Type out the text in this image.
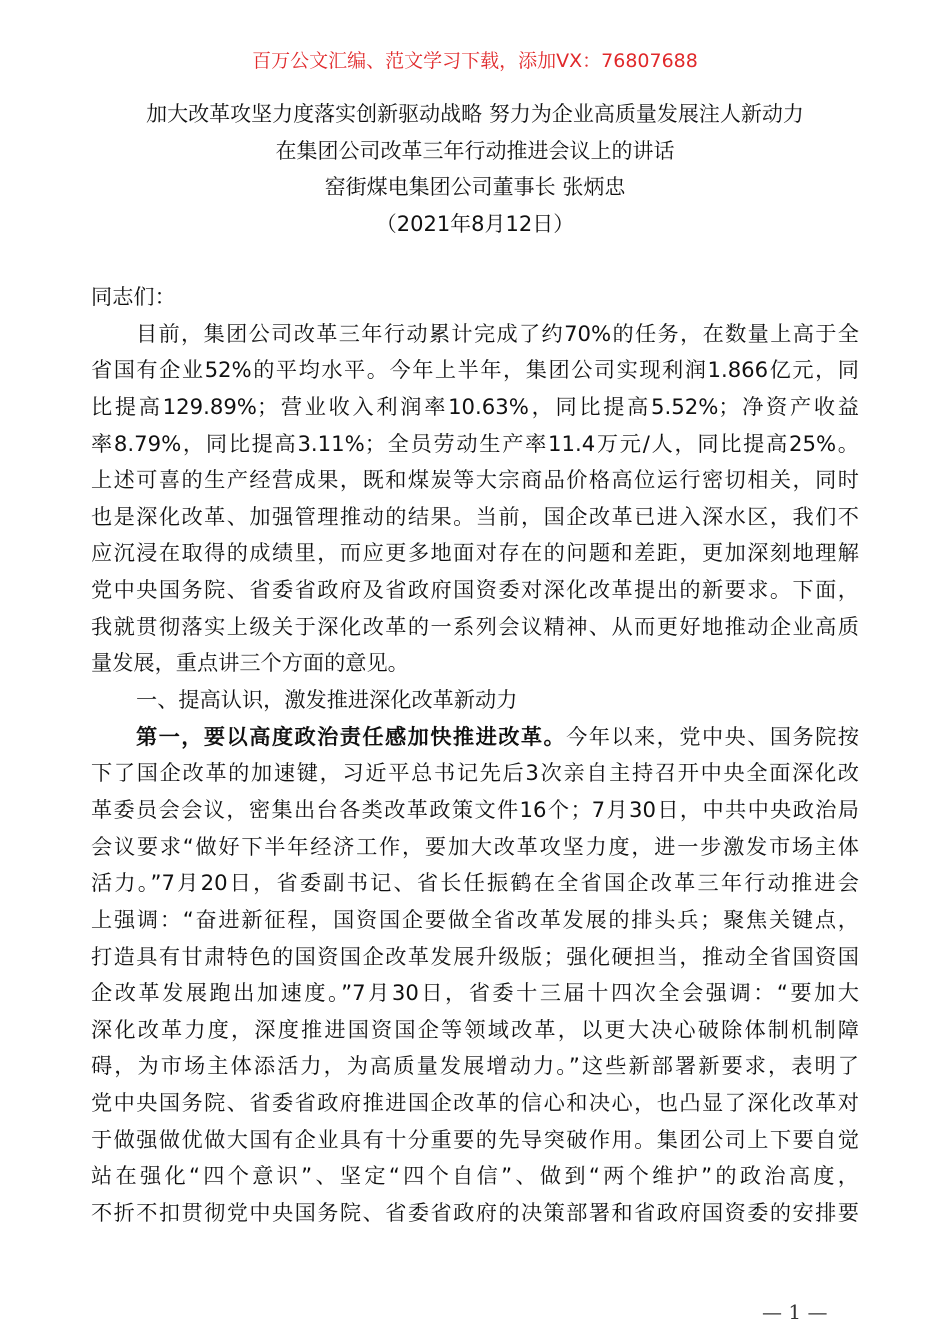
百万公文汇编、范文学习下载，添加VX：76807688
加大改革攻坚力度落实创新驱动战略 努力为企业高质量发展注人新动力
在集团公司改革三年行动推进会议上的讲话
窑街煤电集团公司董事长 张炳忠
（2021年8月12日）
同志们：
目前，集团公司改革三年行动累计完成了约70%的任务，在数量上高于全
省国有企业52%的平均水平。今年上半年，集团公司实现利润1.866亿元，同
比提高129.89%；营业收入利润率10.63%，同比提高5.52%；净资产收益
率8.79%，同比提高3.11%；全员劳动生产率11.4万元/人，同比提高25%。
上述可喜的生产经营成果，既和煤炭等大宗商品价格高位运行密切相关，同时
也是深化改革、加强管理推动的结果。当前，国企改革已进入深水区，我们不
应沉浸在取得的成绩里，而应更多地面对存在的问题和差距，更加深刻地理解
党中央国务院、省委省政府及省政府国资委对深化改革提出的新要求。下面，
我就贯彻落实上级关于深化改革的一系列会议精神、从而更好地推动企业高质
量发展，重点讲三个方面的意见。
一、提高认识，激发推进深化改革新动力
第一，要以高度政治责任感加快推进改革。今年以来，党中央、国务院按
下了国企改革的加速键，习近平总书记先后3次亲自主持召开中央全面深化改
革委员会会议，密集出台各类改革政策文件16个；7月30日，中共中央政治局
会议要求“做好下半年经济工作，要加大改革攻坚力度，进一步激发市场主体
活力。”7月20日，省委副书记、省长任振鹤在全省国企改革三年行动推进会
上强调：“奋进新征程，国资国企要做全省改革发展的排头兵；聚焦关键点，
打造具有甘肃特色的国资国企改革发展升级版；强化硬担当，推动全省国资国
企改革发展跑出加速度。”7月30日，省委十三届十四次全会强调：“要加大
深化改革力度，深度推进国资国企等领域改革，以更大决心破除体制机制障
碍，为市场主体添活力，为高质量发展增动力。”这些新部署新要求，表明了
党中央国务院、省委省政府推进国企改革的信心和决心，也凸显了深化改革对
于做强做优做大国有企业具有十分重要的先导突破作用。集团公司上下要自觉
站在强化“四个意识”、坚定“四个自信”、做到“两个维护”的政治高度，
不折不扣贯彻党中央国务院、省委省政府的决策部署和省政府国资委的安排要
— 1 —
